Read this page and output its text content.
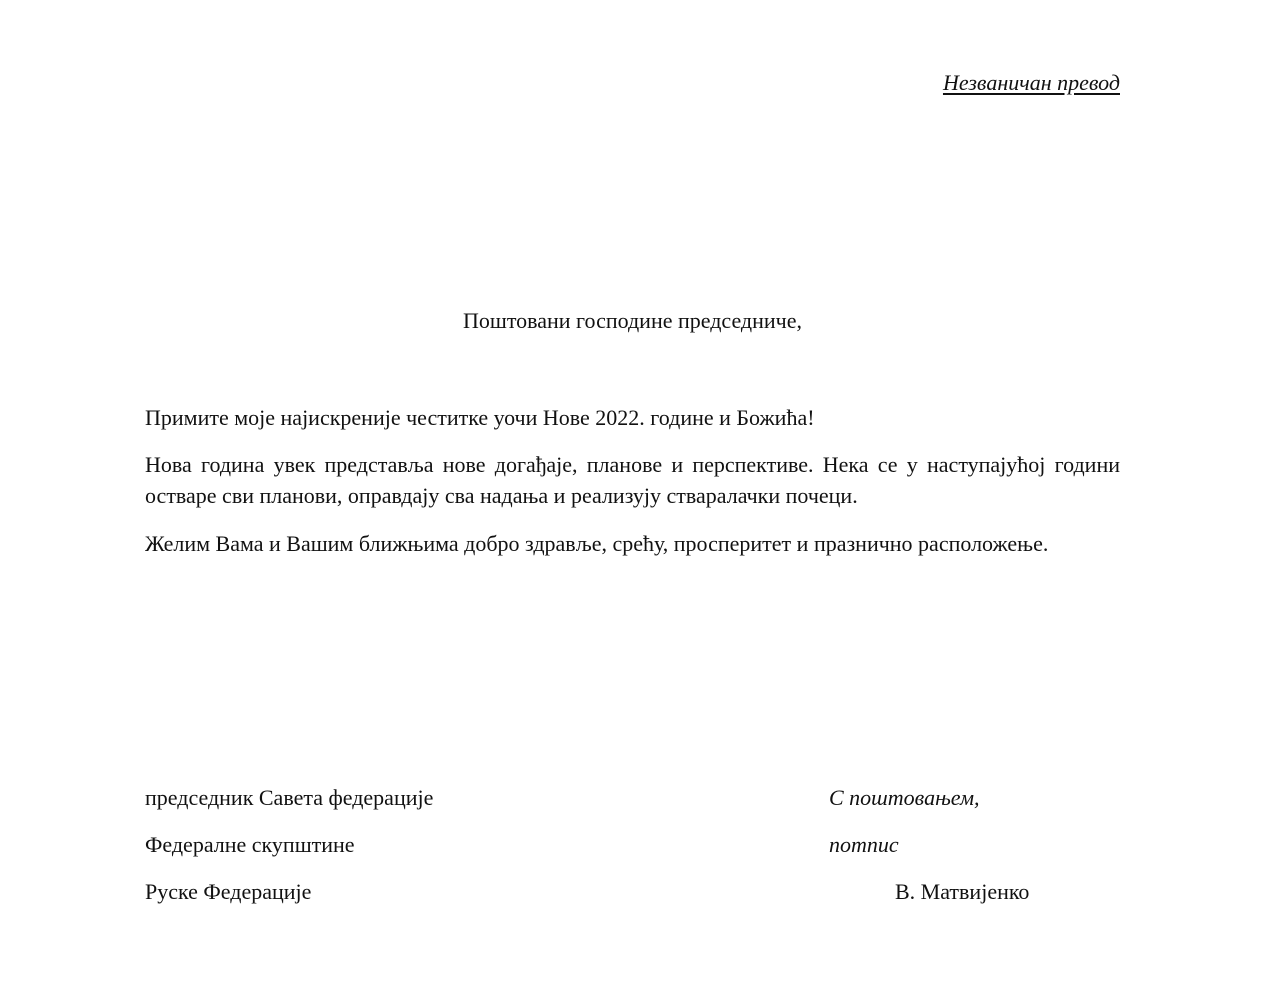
Незваничан превод
Поштовани господине председниче,

Примите моје најискреније честитке уочи Нове 2022. године и Божића!

Нова година увек представља нове догађаје, планове и перспективе. Нека се у наступајућој години остваре сви планови, оправдају сва надања и реализују стваралачки почеци.

Желим Вама и Вашим ближњима добро здравље, срећу, просперитет и празнично расположење.

председник Савета федерације
Федералне скупштине
Руске Федерације
С поштовањем,
потпис
В. Матвијенко
